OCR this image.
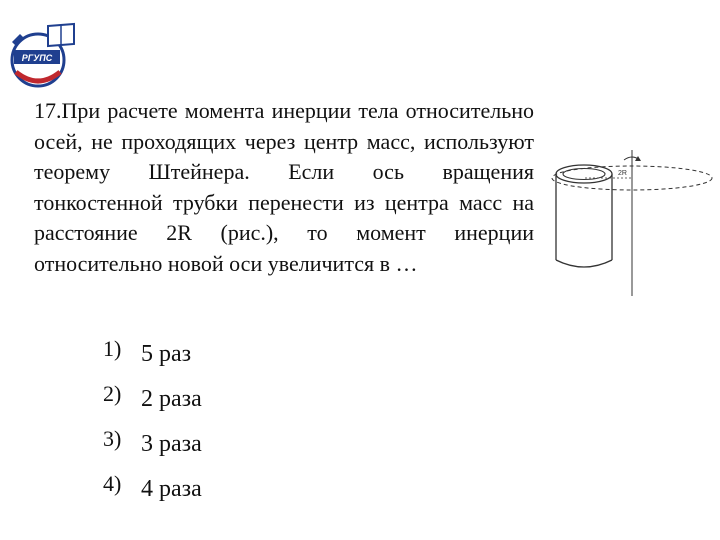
РГУПС

17.При расчете момента инерции тела относительно осей, не проходящих через центр масс, используют теорему Штейнера. Если ось вращения тонкостенной трубки перенести из центра масс на расстояние 2R (рис.), то момент инерции относительно новой оси увеличится в …

2R
1) 5 раз
2) 2 раза
3) 3 раза
4) 4 раза
